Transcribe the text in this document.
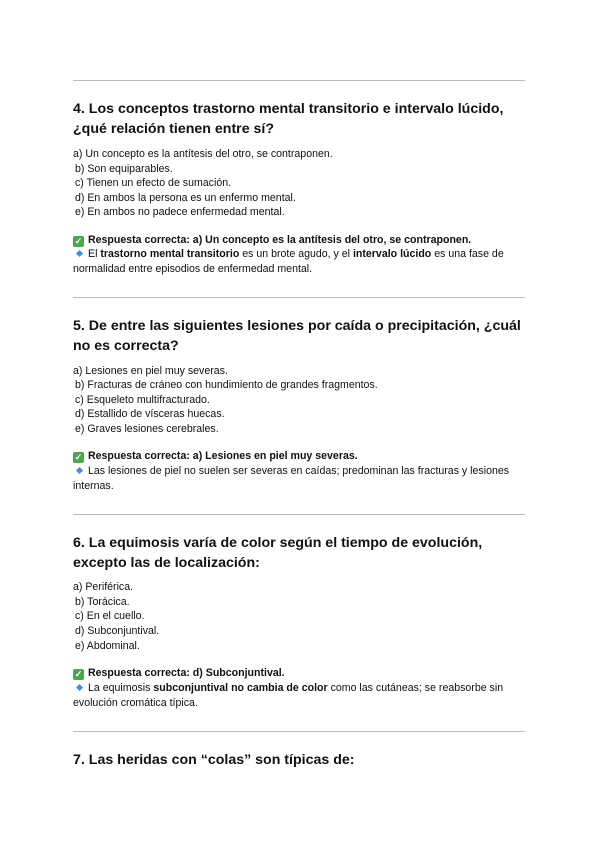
4. Los conceptos trastorno mental transitorio e intervalo lúcido, ¿qué relación tienen entre sí?
a) Un concepto es la antítesis del otro, se contraponen.
b) Son equiparables.
c) Tienen un efecto de sumación.
d) En ambos la persona es un enfermo mental.
e) En ambos no padece enfermedad mental.
✓ Respuesta correcta: a) Un concepto es la antítesis del otro, se contraponen.
El trastorno mental transitorio es un brote agudo, y el intervalo lúcido es una fase de normalidad entre episodios de enfermedad mental.
5. De entre las siguientes lesiones por caída o precipitación, ¿cuál no es correcta?
a) Lesiones en piel muy severas.
b) Fracturas de cráneo con hundimiento de grandes fragmentos.
c) Esqueleto multifracturado.
d) Estallido de vísceras huecas.
e) Graves lesiones cerebrales.
✓ Respuesta correcta: a) Lesiones en piel muy severas.
Las lesiones de piel no suelen ser severas en caídas; predominan las fracturas y lesiones internas.
6. La equimosis varía de color según el tiempo de evolución, excepto las de localización:
a) Periférica.
b) Torácica.
c) En el cuello.
d) Subconjuntival.
e) Abdominal.
✓ Respuesta correcta: d) Subconjuntival.
La equimosis subconjuntival no cambia de color como las cutáneas; se reabsorbe sin evolución cromática típica.
7. Las heridas con “colas” son típicas de:
